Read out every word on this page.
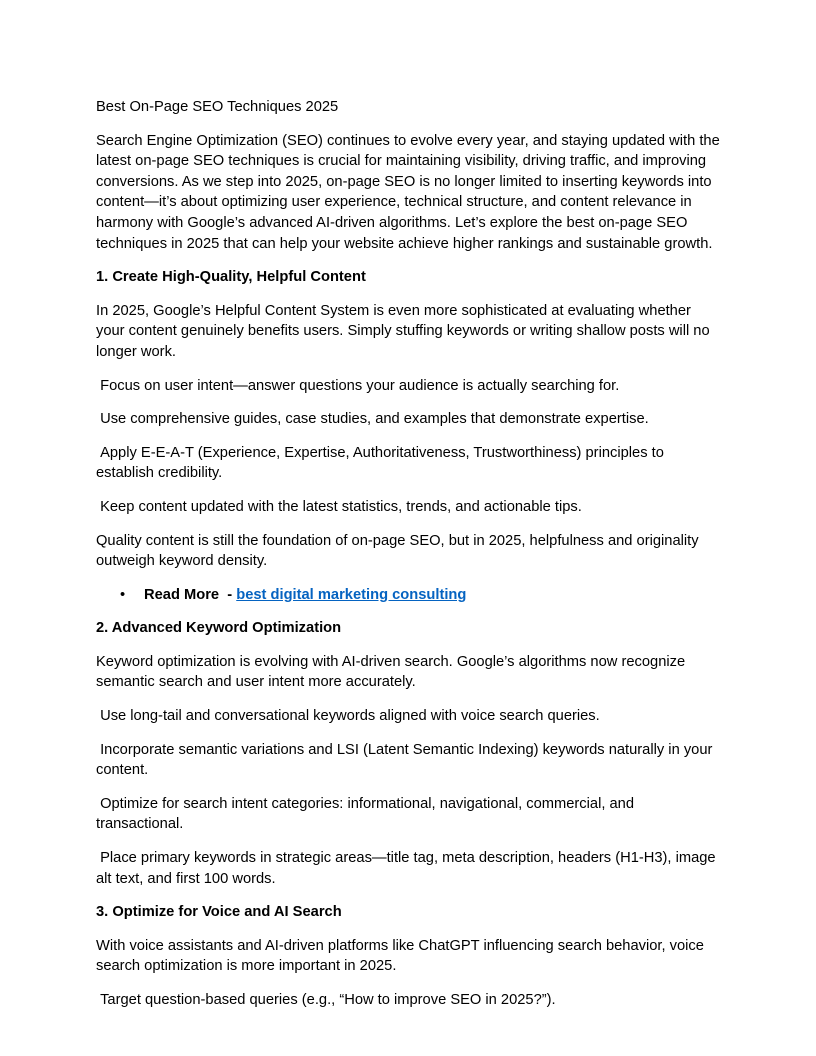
Best On-Page SEO Techniques 2025
Search Engine Optimization (SEO) continues to evolve every year, and staying updated with the latest on-page SEO techniques is crucial for maintaining visibility, driving traffic, and improving conversions. As we step into 2025, on-page SEO is no longer limited to inserting keywords into content—it’s about optimizing user experience, technical structure, and content relevance in harmony with Google’s advanced AI-driven algorithms. Let’s explore the best on-page SEO techniques in 2025 that can help your website achieve higher rankings and sustainable growth.
1. Create High-Quality, Helpful Content
In 2025, Google’s Helpful Content System is even more sophisticated at evaluating whether your content genuinely benefits users. Simply stuffing keywords or writing shallow posts will no longer work.
Focus on user intent—answer questions your audience is actually searching for.
Use comprehensive guides, case studies, and examples that demonstrate expertise.
Apply E-E-A-T (Experience, Expertise, Authoritativeness, Trustworthiness) principles to establish credibility.
Keep content updated with the latest statistics, trends, and actionable tips.
Quality content is still the foundation of on-page SEO, but in 2025, helpfulness and originality outweigh keyword density.
•	Read More  - best digital marketing consulting
2. Advanced Keyword Optimization
Keyword optimization is evolving with AI-driven search. Google’s algorithms now recognize semantic search and user intent more accurately.
Use long-tail and conversational keywords aligned with voice search queries.
Incorporate semantic variations and LSI (Latent Semantic Indexing) keywords naturally in your content.
Optimize for search intent categories: informational, navigational, commercial, and transactional.
Place primary keywords in strategic areas—title tag, meta description, headers (H1-H3), image alt text, and first 100 words.
3. Optimize for Voice and AI Search
With voice assistants and AI-driven platforms like ChatGPT influencing search behavior, voice search optimization is more important in 2025.
Target question-based queries (e.g., “How to improve SEO in 2025?”).
